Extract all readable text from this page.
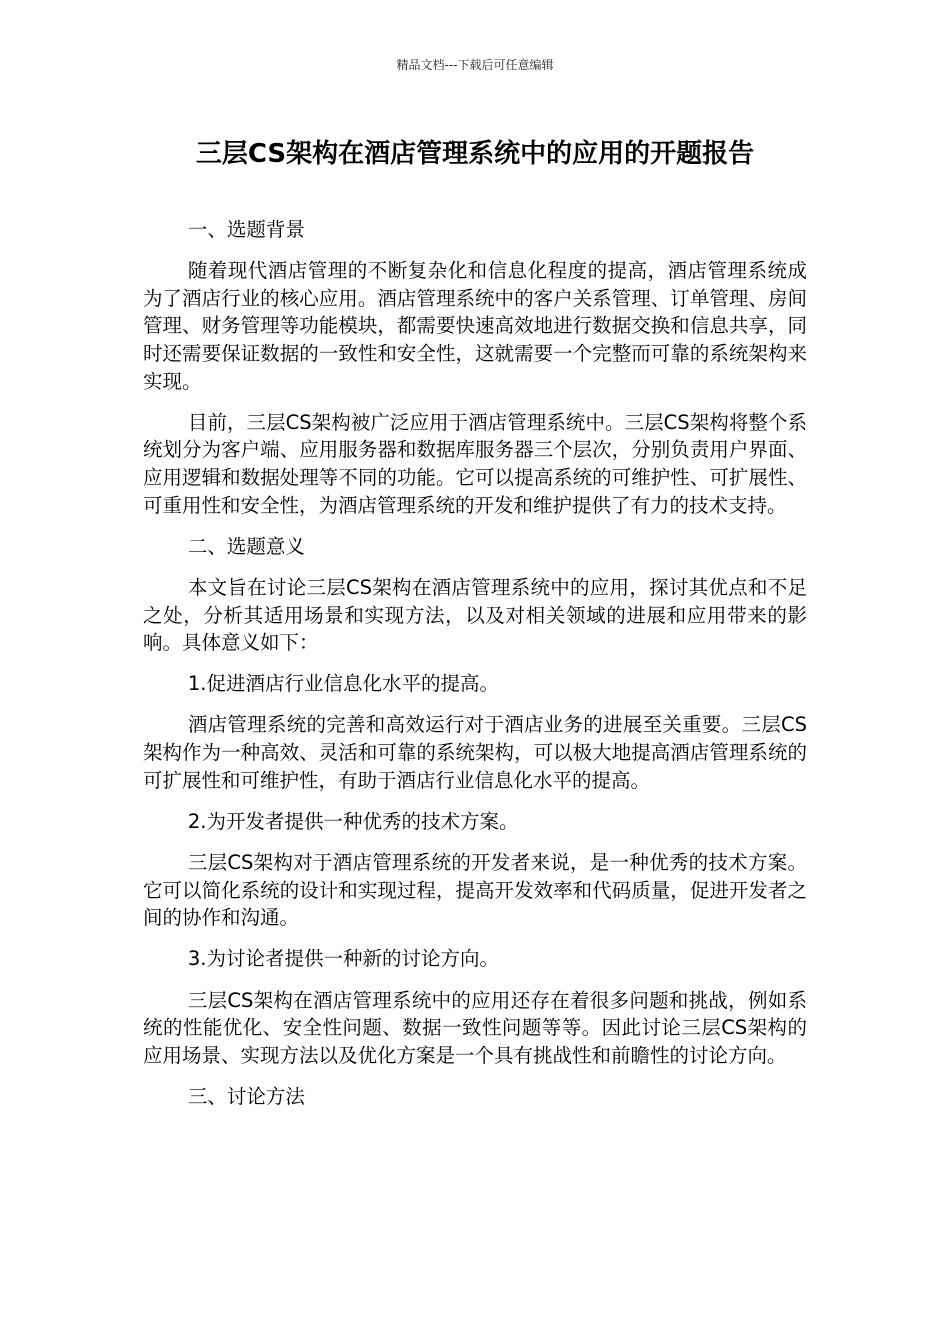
精品文档---下载后可任意编辑
三层CS架构在酒店管理系统中的应用的开题报告

一、选题背景

随着现代酒店管理的不断复杂化和信息化程度的提高，酒店管理系统成为了酒店行业的核心应用。酒店管理系统中的客户关系管理、订单管理、房间管理、财务管理等功能模块，都需要快速高效地进行数据交换和信息共享，同时还需要保证数据的一致性和安全性，这就需要一个完整而可靠的系统架构来实现。

目前，三层CS架构被广泛应用于酒店管理系统中。三层CS架构将整个系统划分为客户端、应用服务器和数据库服务器三个层次，分别负责用户界面、应用逻辑和数据处理等不同的功能。它可以提高系统的可维护性、可扩展性、可重用性和安全性，为酒店管理系统的开发和维护提供了有力的技术支持。

二、选题意义

本文旨在讨论三层CS架构在酒店管理系统中的应用，探讨其优点和不足之处，分析其适用场景和实现方法，以及对相关领域的进展和应用带来的影响。具体意义如下：

1.促进酒店行业信息化水平的提高。

酒店管理系统的完善和高效运行对于酒店业务的进展至关重要。三层CS架构作为一种高效、灵活和可靠的系统架构，可以极大地提高酒店管理系统的可扩展性和可维护性，有助于酒店行业信息化水平的提高。

2.为开发者提供一种优秀的技术方案。

三层CS架构对于酒店管理系统的开发者来说，是一种优秀的技术方案。它可以简化系统的设计和实现过程，提高开发效率和代码质量，促进开发者之间的协作和沟通。

3.为讨论者提供一种新的讨论方向。

三层CS架构在酒店管理系统中的应用还存在着很多问题和挑战，例如系统的性能优化、安全性问题、数据一致性问题等等。因此讨论三层CS架构的应用场景、实现方法以及优化方案是一个具有挑战性和前瞻性的讨论方向。

三、讨论方法
